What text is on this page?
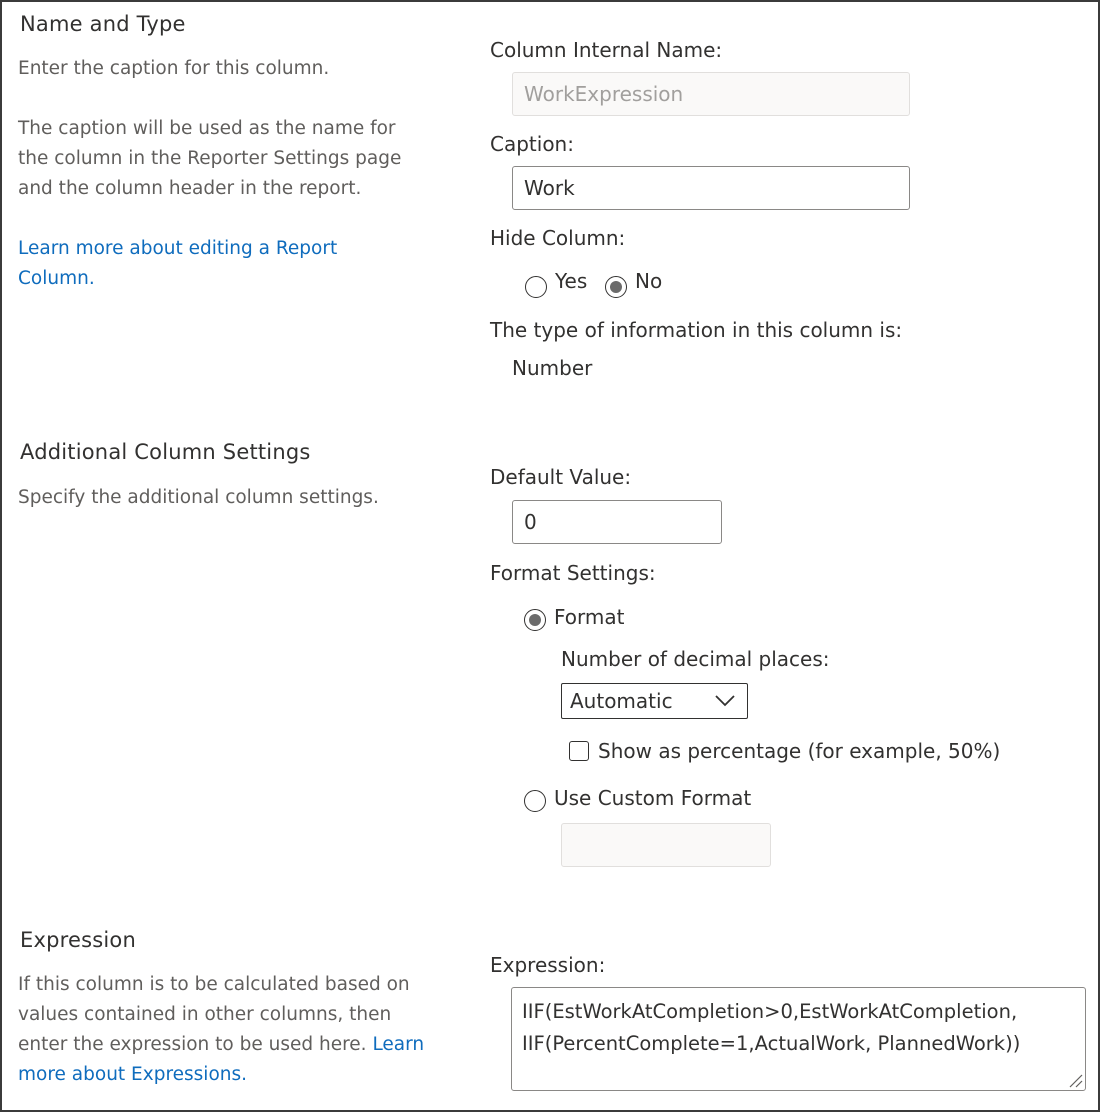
Name and Type
Enter the caption for this column.
The caption will be used as the name for
the column in the Reporter Settings page
and the column header in the report.
Learn more about editing a Report
Column.
Column Internal Name:
WorkExpression
Caption:
Work
Hide Column:
Yes No
The type of information in this column is:
Number
Additional Column Settings
Specify the additional column settings.
Default Value:
0
Format Settings:
Format
Number of decimal places:
Automatic
Show as percentage (for example, 50%)
Use Custom Format
Expression
If this column is to be calculated based on
values contained in other columns, then
enter the expression to be used here. Learn
more about Expressions.
Expression:
IIF(EstWorkAtCompletion>0,EstWorkAtCompletion,
IIF(PercentComplete=1,ActualWork, PlannedWork))
